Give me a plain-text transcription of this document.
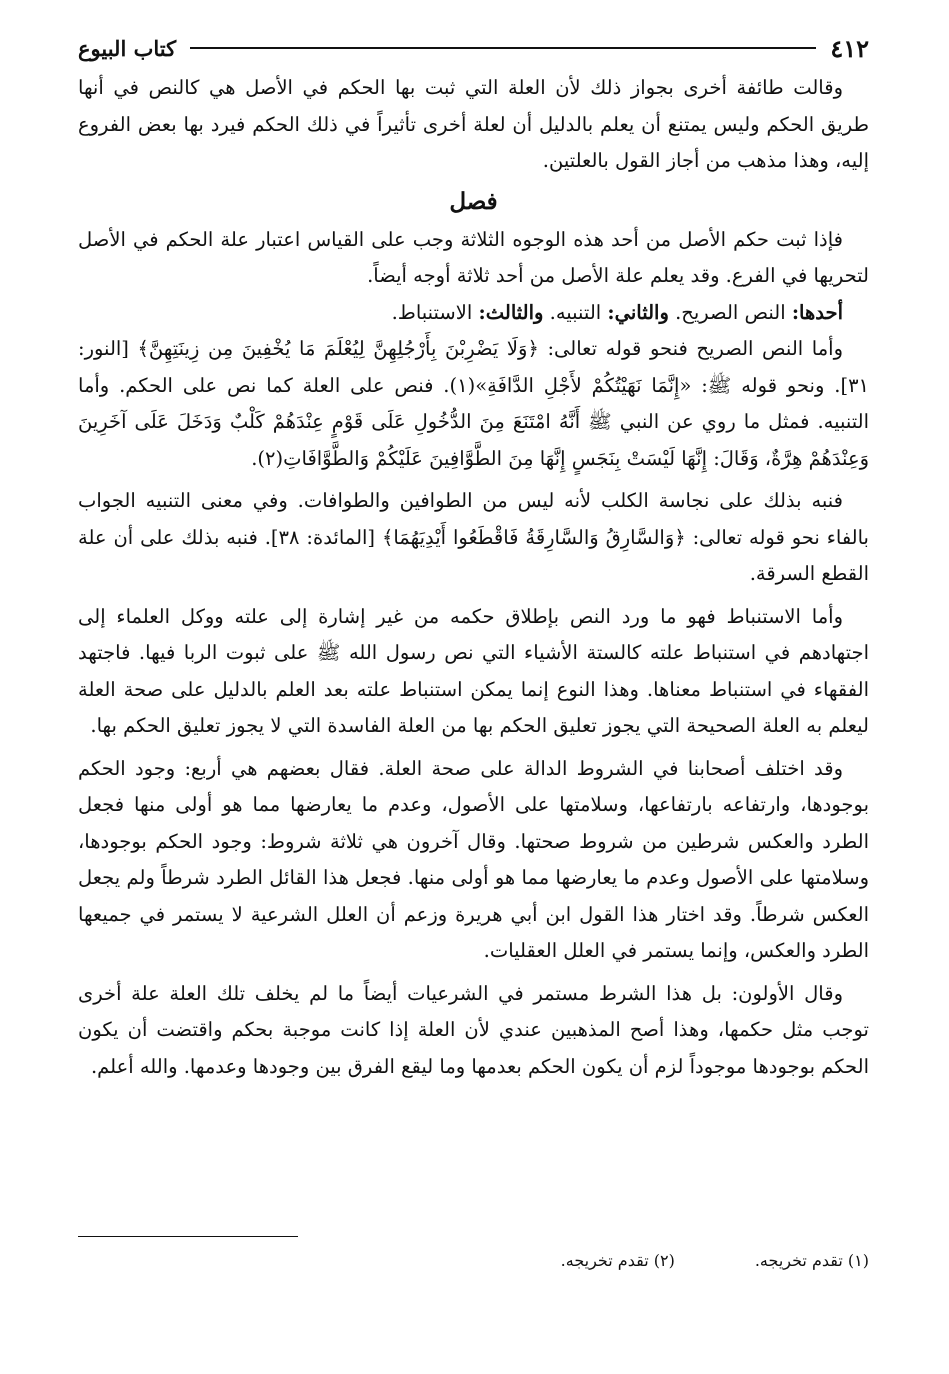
٤١٢
كتاب البيوع

وقالت طائفة أخرى بجواز ذلك لأن العلة التي ثبت بها الحكم في الأصل هي كالنص في أنها طريق الحكم وليس يمتنع أن يعلم بالدليل أن لعلة أخرى تأثيراً في ذلك الحكم فيرد بها بعض الفروع إليه، وهذا مذهب من أجاز القول بالعلتين.

فصل

فإذا ثبت حكم الأصل من أحد هذه الوجوه الثلاثة وجب على القياس اعتبار علة الحكم في الأصل لتحريها في الفرع. وقد يعلم علة الأصل من أحد ثلاثة أوجه أيضاً.

أحدها: النص الصريح. والثاني: التنبيه. والثالث: الاستنباط.

وأما النص الصريح فنحو قوله تعالى: ﴿وَلَا يَضْرِبْنَ بِأَرْجُلِهِنَّ لِيُعْلَمَ مَا يُخْفِينَ مِن زِينَتِهِنَّ﴾ [النور: ٣١]. ونحو قوله ﷺ: «إِنَّمَا نَهَيْتُكُمْ لأَجْلِ الدَّافَةِ»(١). فنص على العلة كما نص على الحكم. وأما التنبيه. فمثل ما روي عن النبي ﷺ أَنَّهُ امْتَنَعَ مِنَ الدُّخُولِ عَلَى قَوْمٍ عِنْدَهُمْ كَلْبٌ وَدَخَلَ عَلَى آخَرِينَ وَعِنْدَهُمْ هِرَّةٌ، وَقَالَ: إِنَّهَا لَيْسَتْ بِنَجَسٍ إِنَّهَا مِنَ الطَّوَّافِينَ عَلَيْكُمْ وَالطَّوَّافَاتِ(٢).

فنبه بذلك على نجاسة الكلب لأنه ليس من الطوافين والطوافات. وفي معنى التنبيه الجواب بالفاء نحو قوله تعالى: ﴿وَالسَّارِقُ وَالسَّارِقَةُ فَاقْطَعُوا أَيْدِيَهُمَا﴾ [المائدة: ٣٨]. فنبه بذلك على أن علة القطع السرقة.

وأما الاستنباط فهو ما ورد النص بإطلاق حكمه من غير إشارة إلى علته ووكل العلماء إلى اجتهادهم في استنباط علته كالستة الأشياء التي نص رسول الله ﷺ على ثبوت الربا فيها. فاجتهد الفقهاء في استنباط معناها. وهذا النوع إنما يمكن استنباط علته بعد العلم بالدليل على صحة العلة ليعلم به العلة الصحيحة التي يجوز تعليق الحكم بها من العلة الفاسدة التي لا يجوز تعليق الحكم بها.

وقد اختلف أصحابنا في الشروط الدالة على صحة العلة. فقال بعضهم هي أربع: وجود الحكم بوجودها، وارتفاعه بارتفاعها، وسلامتها على الأصول، وعدم ما يعارضها مما هو أولى منها فجعل الطرد والعكس شرطين من شروط صحتها. وقال آخرون هي ثلاثة شروط: وجود الحكم بوجودها، وسلامتها على الأصول وعدم ما يعارضها مما هو أولى منها. فجعل هذا القائل الطرد شرطاً ولم يجعل العكس شرطاً. وقد اختار هذا القول ابن أبي هريرة وزعم أن العلل الشرعية لا يستمر في جميعها الطرد والعكس، وإنما يستمر في العلل العقليات.

وقال الأولون: بل هذا الشرط مستمر في الشرعيات أيضاً ما لم يخلف تلك العلة علة أخرى توجب مثل حكمها، وهذا أصح المذهبين عندي لأن العلة إذا كانت موجبة بحكم واقتضت أن يكون الحكم بوجودها موجوداً لزم أن يكون الحكم بعدمها وما ليقع الفرق بين وجودها وعدمها. والله أعلم.

(١) تقدم تخريجه.
(٢) تقدم تخريجه.
